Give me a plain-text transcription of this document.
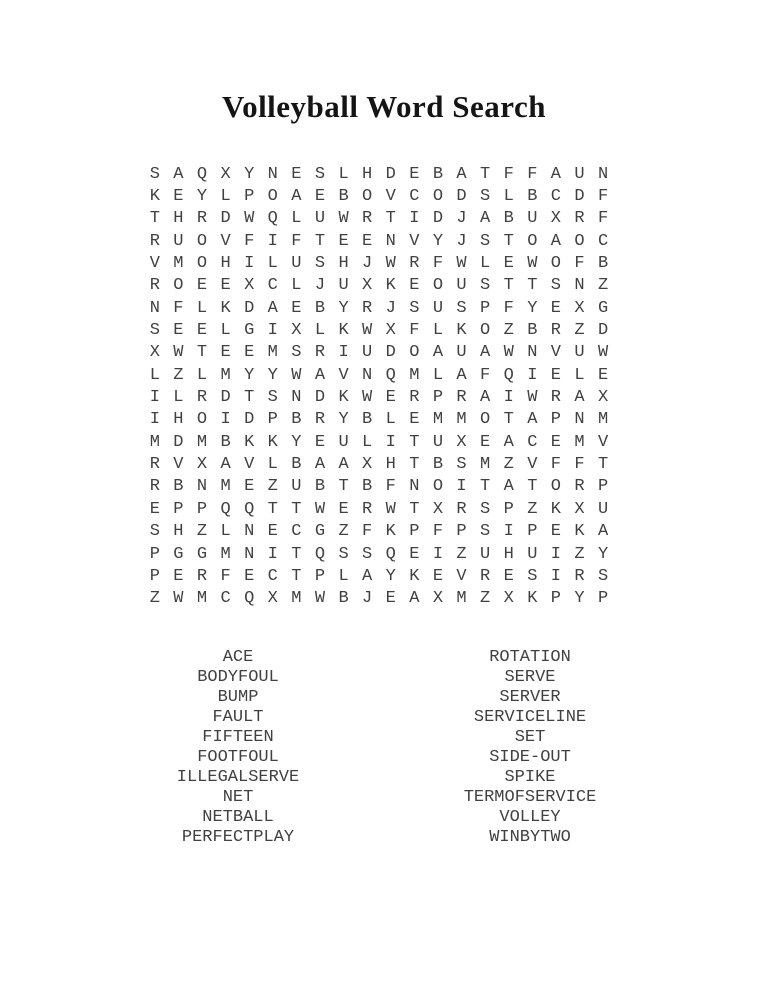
Volleyball Word Search
S A Q X Y N E S L H D E B A T F F A U N
K E Y L P O A E B O V C O D S L B C D F
T H R D W Q L U W R T I D J A B U X R F
R U O V F I F T E E N V Y J S T O A O C
V M O H I L U S H J W R F W L E W O F B
R O E E X C L J U X K E O U S T T S N Z
N F L K D A E B Y R J S U S P F Y E X G
S E E L G I X L K W X F L K O Z B R Z D
X W T E E M S R I U D O A U A W N V U W
L Z L M Y Y W A V N Q M L A F Q I E L E
I L R D T S N D K W E R P R A I W R A X
I H O I D P B R Y B L E M M O T A P N M
M D M B K K Y E U L I T U X E A C E M V
R V X A V L B A A X H T B S M Z V F F T
R B N M E Z U B T B F N O I T A T O R P
E P P Q Q T T W E R W T X R S P Z K X U
S H Z L N E C G Z F K P F P S I P E K A
P G G M N I T Q S S Q E I Z U H U I Z Y
P E R F E C T P L A Y K E V R E S I R S
Z W M C Q X M W B J E A X M Z X K P Y P
ACE
BODYFOUL
BUMP
FAULT
FIFTEEN
FOOTFOUL
ILLEGALSERVE
NET
NETBALL
PERFECTPLAY
ROTATION
SERVE
SERVER
SERVICELINE
SET
SIDE-OUT
SPIKE
TERMOFSERVICE
VOLLEY
WINBYTWO
